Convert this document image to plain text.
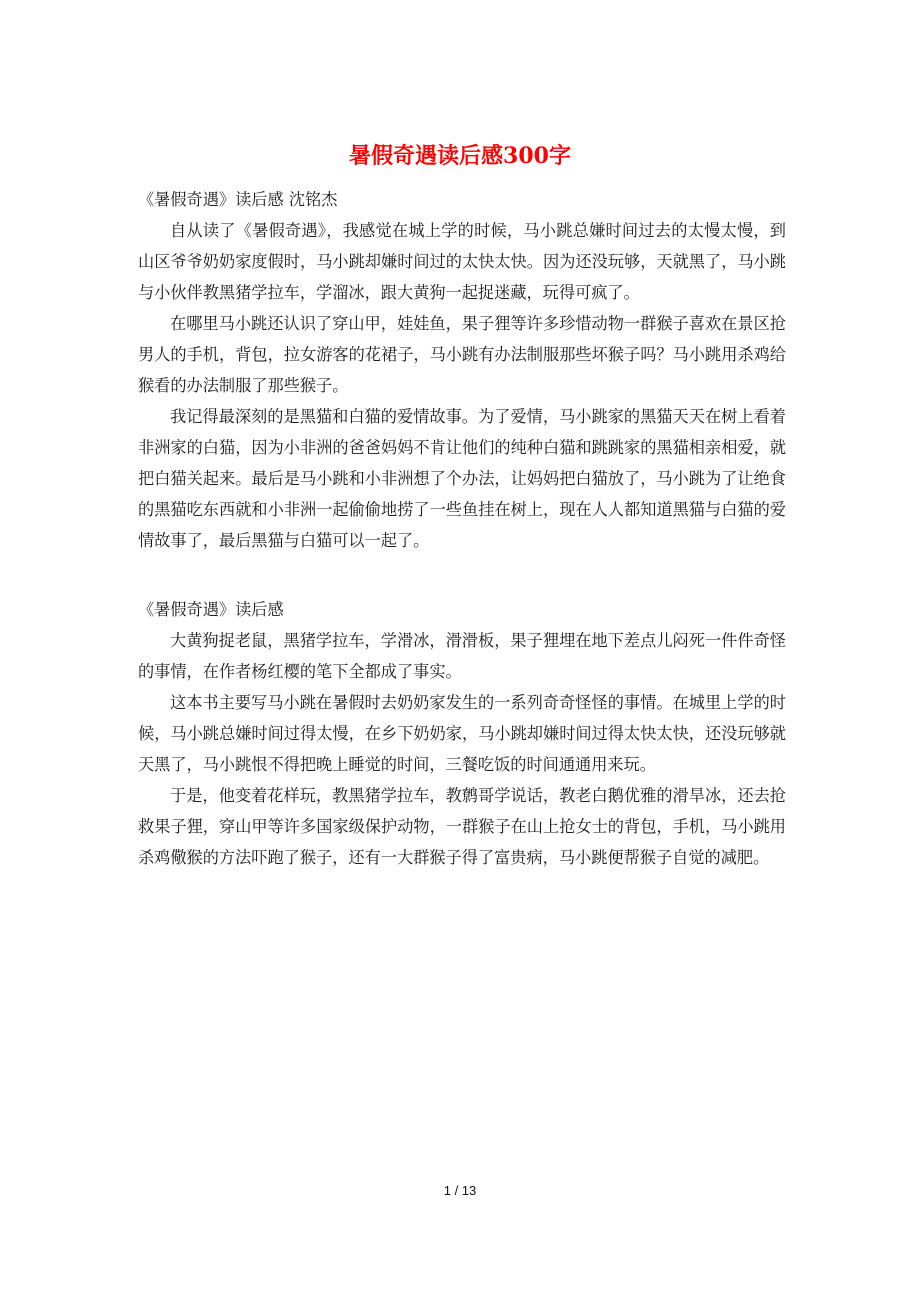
暑假奇遇读后感300字

《暑假奇遇》读后感 沈铭杰

自从读了《暑假奇遇》，我感觉在城上学的时候，马小跳总嫌时间过去的太慢太慢，到山区爷爷奶奶家度假时，马小跳却嫌时间过的太快太快。因为还没玩够，天就黑了，马小跳与小伙伴教黑猪学拉车，学溜冰，跟大黄狗一起捉迷藏，玩得可疯了。

在哪里马小跳还认识了穿山甲，娃娃鱼，果子狸等许多珍惜动物一群猴子喜欢在景区抢男人的手机，背包，拉女游客的花裙子，马小跳有办法制服那些坏猴子吗？马小跳用杀鸡给猴看的办法制服了那些猴子。

我记得最深刻的是黑猫和白猫的爱情故事。为了爱情，马小跳家的黑猫天天在树上看着非洲家的白猫，因为小非洲的爸爸妈妈不肯让他们的纯种白猫和跳跳家的黑猫相亲相爱，就把白猫关起来。最后是马小跳和小非洲想了个办法，让妈妈把白猫放了，马小跳为了让绝食的黑猫吃东西就和小非洲一起偷偷地捞了一些鱼挂在树上，现在人人都知道黑猫与白猫的爱情故事了，最后黑猫与白猫可以一起了。

《暑假奇遇》读后感

大黄狗捉老鼠，黑猪学拉车，学滑冰，滑滑板，果子狸埋在地下差点儿闷死一件件奇怪的事情，在作者杨红樱的笔下全都成了事实。

这本书主要写马小跳在暑假时去奶奶家发生的一系列奇奇怪怪的事情。在城里上学的时候，马小跳总嫌时间过得太慢，在乡下奶奶家，马小跳却嫌时间过得太快太快，还没玩够就天黑了，马小跳恨不得把晚上睡觉的时间，三餐吃饭的时间通通用来玩。

于是，他变着花样玩，教黑猪学拉车，教鹩哥学说话，教老白鹅优雅的滑旱冰，还去抢救果子狸，穿山甲等许多国家级保护动物，一群猴子在山上抢女士的背包，手机，马小跳用杀鸡儆猴的方法吓跑了猴子，还有一大群猴子得了富贵病，马小跳便帮猴子自觉的减肥。

1 / 13
